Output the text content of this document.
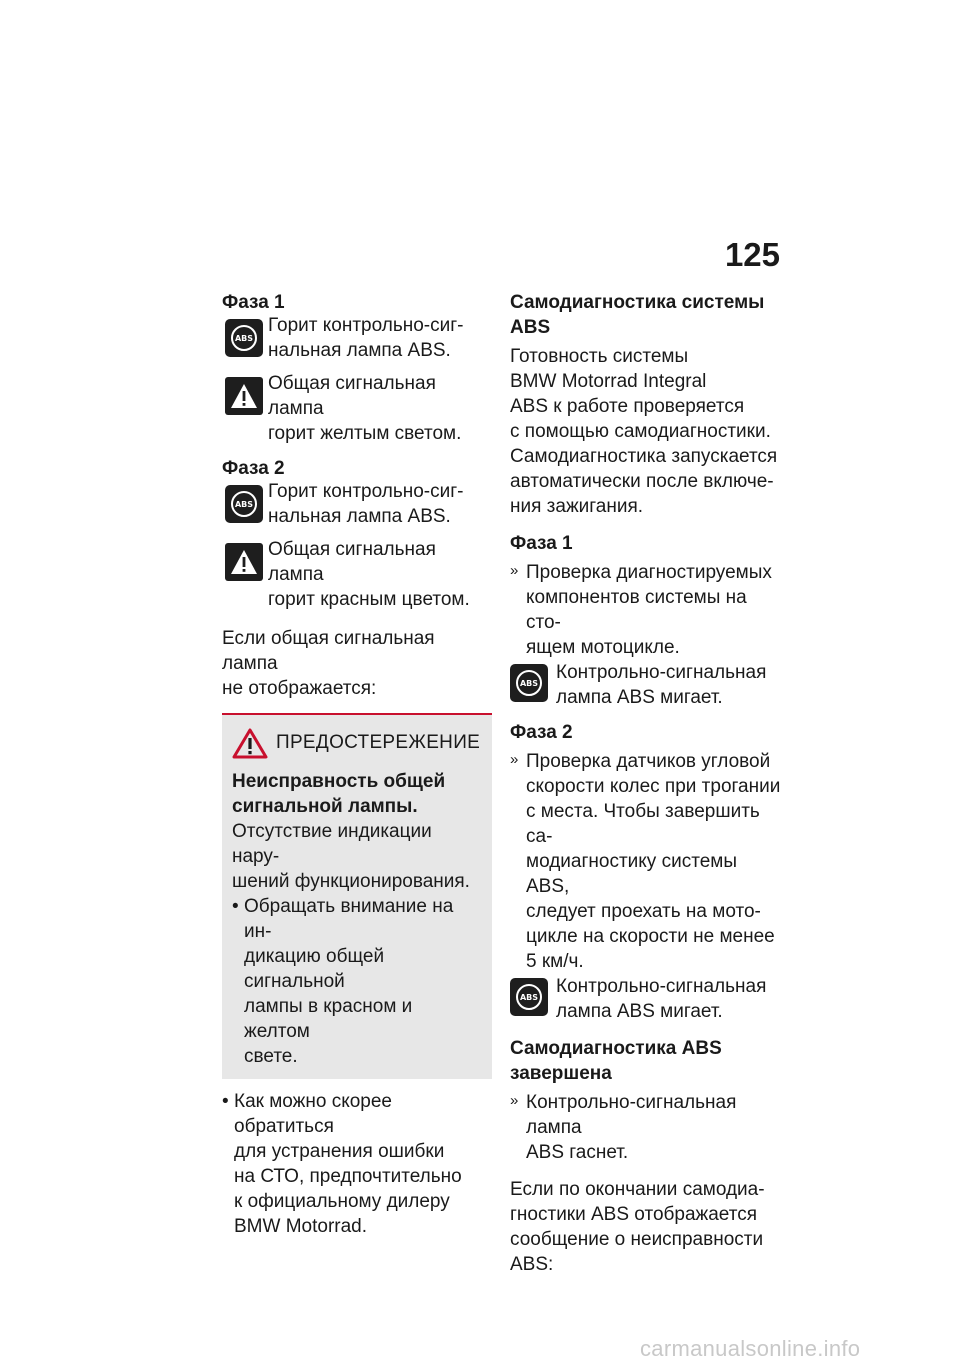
125
Фаза 1
ABS
Горит контрольно-сиг-
нальная лампа ABS.
Общая сигнальная лампа
горит желтым светом.
Фаза 2
ABS
Горит контрольно-сиг-
нальная лампа ABS.
Общая сигнальная лампа
горит красным цветом.
Если общая сигнальная лампа
не отображается:
ПРЕДОСТЕРЕЖЕНИЕ
Неисправность общей
сигнальной лампы.
Отсутствие индикации нару-
шений функционирования.
• Обращать внимание на ин-
дикацию общей сигнальной
лампы в красном и желтом
свете.
• Как можно скорее обратиться
для устранения ошибки
на СТО, предпочтительно
к официальному дилеру
BMW Motorrad.
Самодиагностика системы
ABS
Готовность системы
BMW Motorrad Integral
ABS к работе проверяется
с помощью самодиагностики.
Самодиагностика запускается
автоматически после включе-
ния зажигания.
Фаза 1
» Проверка диагностируемых
компонентов системы на сто-
ящем мотоцикле.
ABS Контрольно-сигнальная
лампа ABS мигает.
Фаза 2
» Проверка датчиков угловой
скорости колес при трогании
с места. Чтобы завершить са-
модиагностику системы ABS,
следует проехать на мото-
цикле на скорости не менее
5 км/ч.
ABS Контрольно-сигнальная
лампа ABS мигает.
Самодиагностика ABS
завершена
» Контрольно-сигнальная лампа
ABS гаснет.
Если по окончании самодиа-
гностики ABS отображается
сообщение о неисправности
ABS:
carmanualsonline.info
